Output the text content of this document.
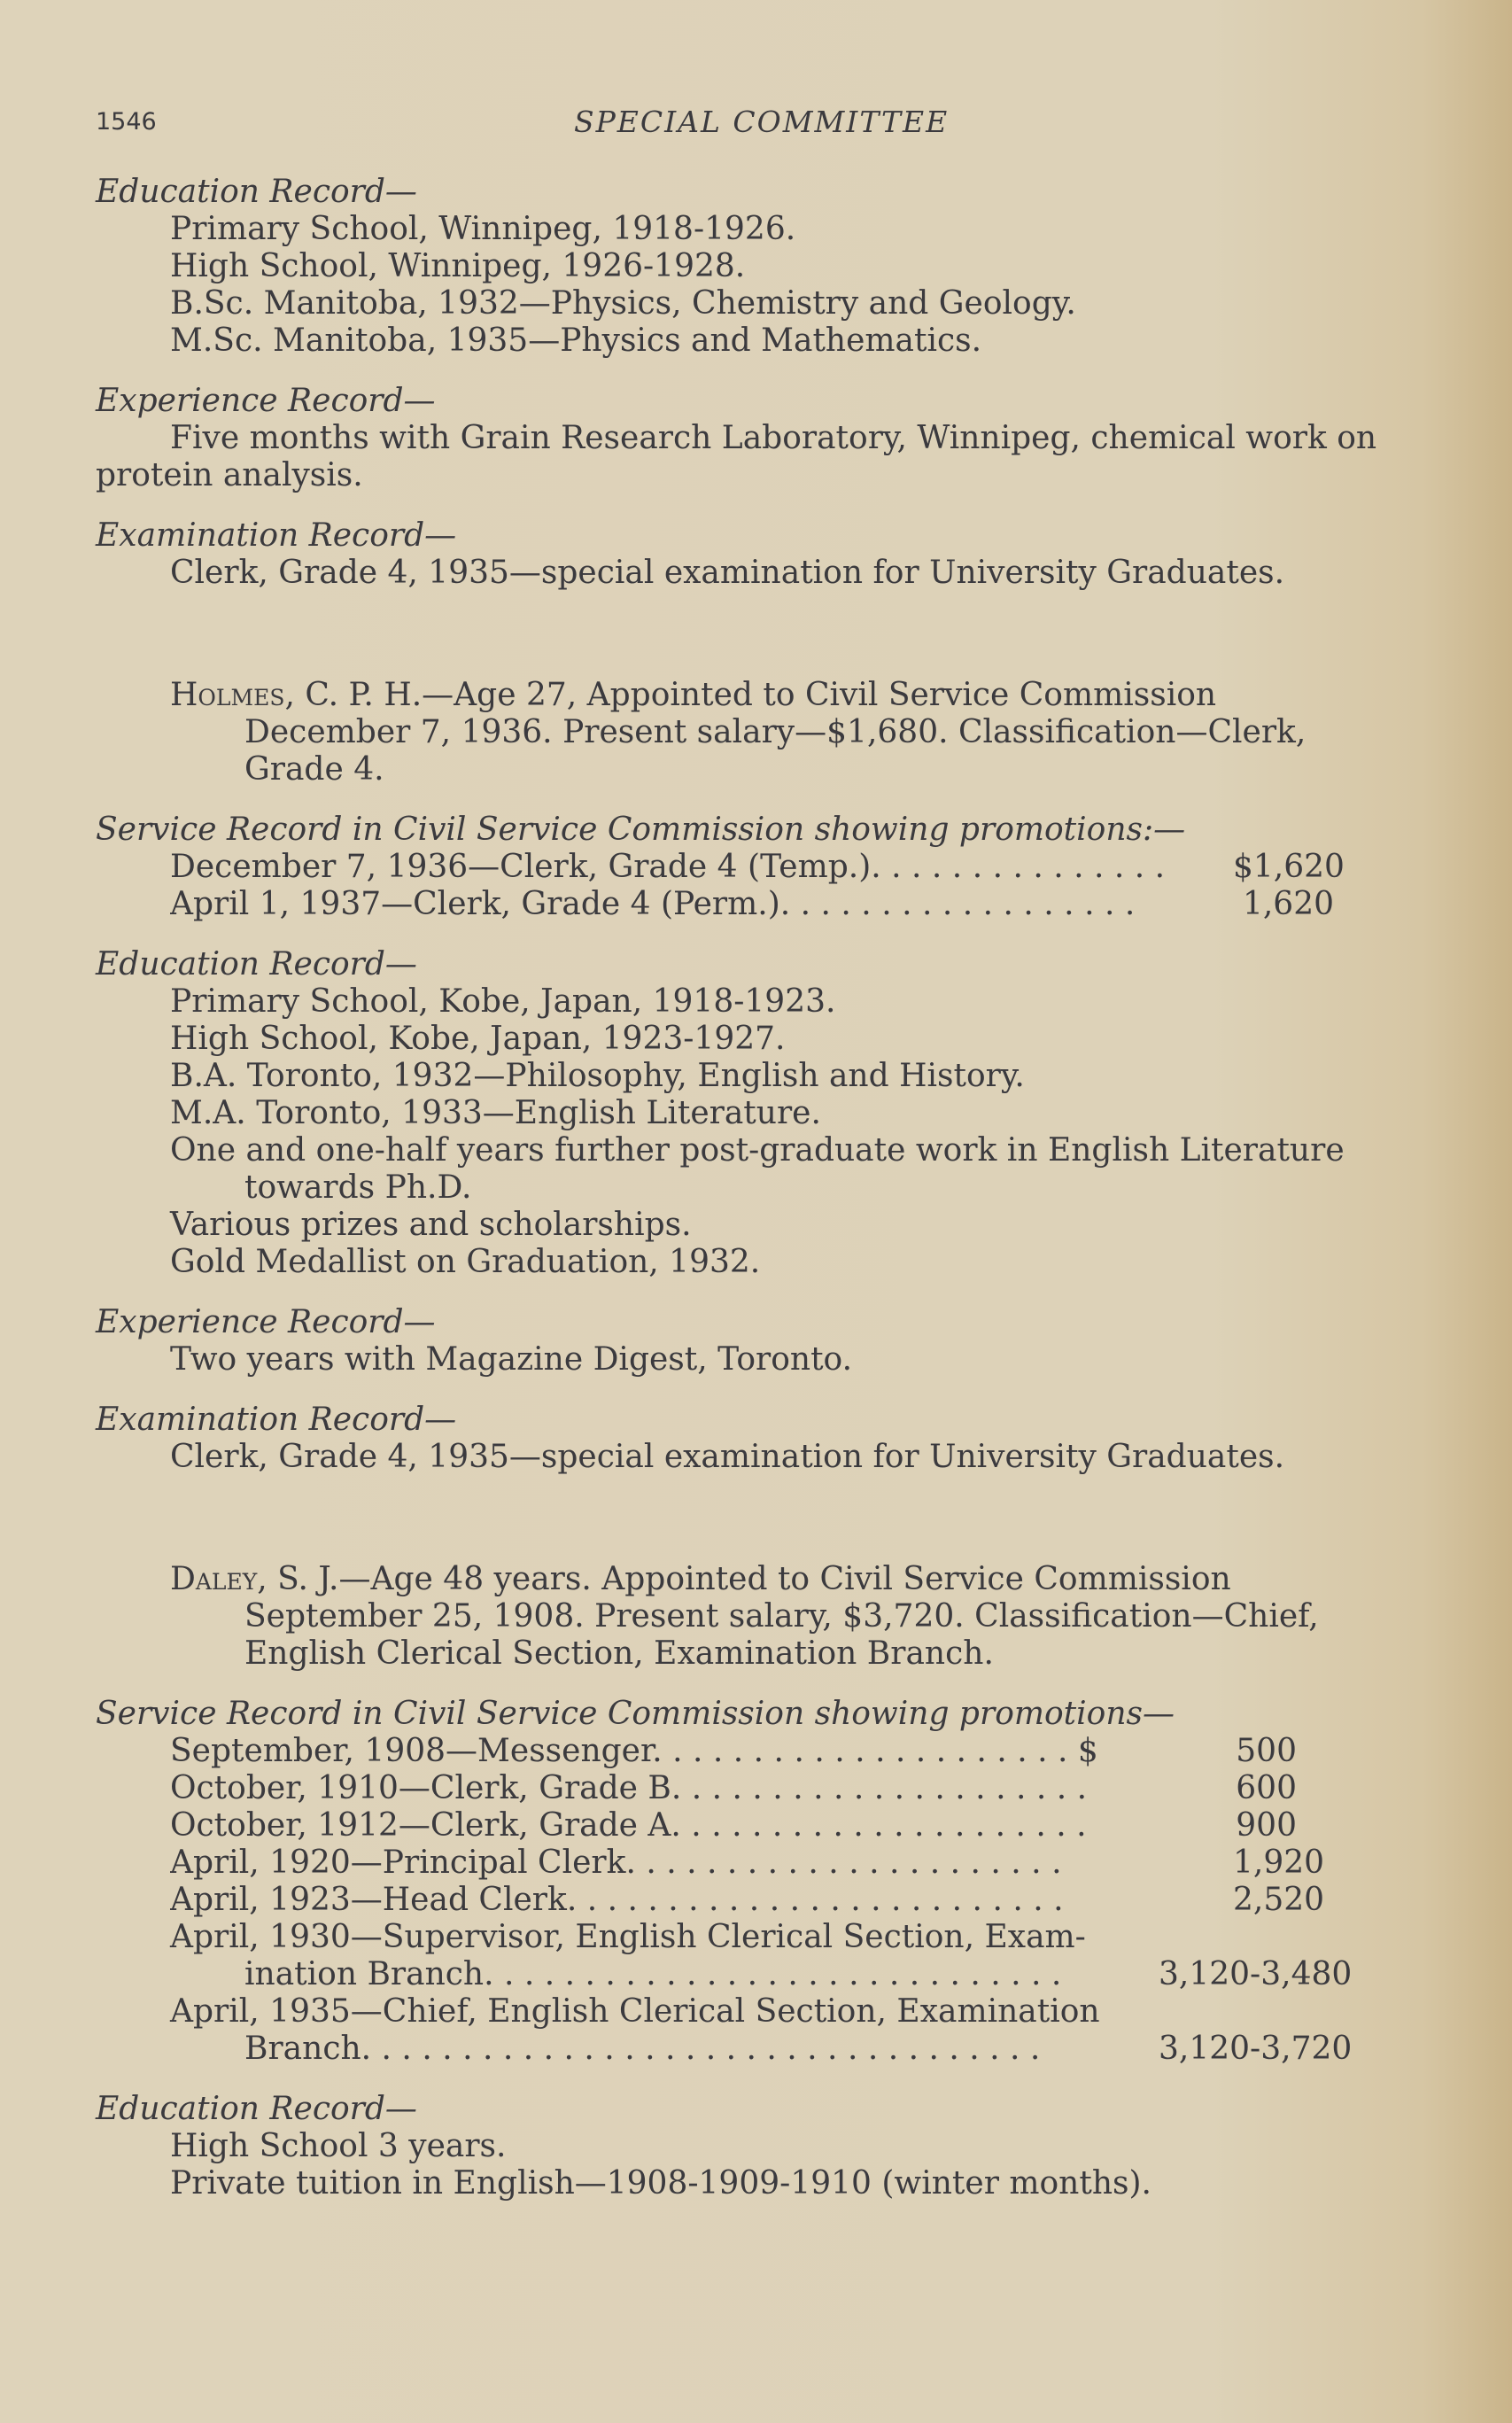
1546	SPECIAL COMMITTEE
Education Record—
Primary School, Winnipeg, 1918-1926.
High School, Winnipeg, 1926-1928.
B.Sc. Manitoba, 1932—Physics, Chemistry and Geology.
M.Sc. Manitoba, 1935—Physics and Mathematics.
Experience Record—
Five months with Grain Research Laboratory, Winnipeg, chemical work on
protein analysis.
Examination Record—
Clerk, Grade 4, 1935—special examination for University Graduates.
Holmes, C. P. H.—Age 27, Appointed to Civil Service Commission
December 7, 1936. Present salary—$1,680. Classification—Clerk,
Grade 4.
Service Record in Civil Service Commission showing promotions:—
December 7, 1936—Clerk, Grade 4 (Temp.). . . . . . . . . . . . . . .	$1,620
April 1, 1937—Clerk, Grade 4 (Perm.). . . . . . . . . . . . . . . . . .	1,620
Education Record—
Primary School, Kobe, Japan, 1918-1923.
High School, Kobe, Japan, 1923-1927.
B.A. Toronto, 1932—Philosophy, English and History.
M.A. Toronto, 1933—English Literature.
One and one-half years further post-graduate work in English Literature
towards Ph.D.
Various prizes and scholarships.
Gold Medallist on Graduation, 1932.
Experience Record—
Two years with Magazine Digest, Toronto.
Examination Record—
Clerk, Grade 4, 1935—special examination for University Graduates.
Daley, S. J.—Age 48 years. Appointed to Civil Service Commission
September 25, 1908. Present salary, $3,720. Classification—Chief,
English Clerical Section, Examination Branch.
Service Record in Civil Service Commission showing promotions—
September, 1908—Messenger. . . . . . . . . . . . . . . . . . . . . $	500
October, 1910—Clerk, Grade B. . . . . . . . . . . . . . . . . . . . .	600
October, 1912—Clerk, Grade A. . . . . . . . . . . . . . . . . . . . .	900
April, 1920—Principal Clerk. . . . . . . . . . . . . . . . . . . . . .	1,920
April, 1923—Head Clerk. . . . . . . . . . . . . . . . . . . . . . . . .	2,520
April, 1930—Supervisor, English Clerical Section, Exam-
ination Branch. . . . . . . . . . . . . . . . . . . . . . . . . . . . .	3,120-3,480
April, 1935—Chief, English Clerical Section, Examination
Branch. . . . . . . . . . . . . . . . . . . . . . . . . . . . . . . . . .	3,120-3,720
Education Record—
High School 3 years.
Private tuition in English—1908-1909-1910 (winter months).
